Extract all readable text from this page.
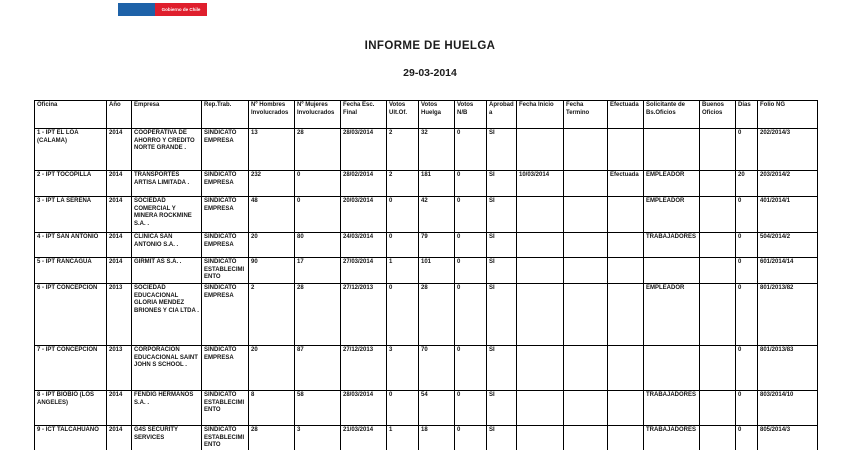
Gobierno de Chile
INFORME DE HUELGA
29-03-2014
Oficina	Año	Empresa	Rep.Trab.	Nº Hombres Involucrados	Nº Mujeres Involucrados	Fecha Esc. Final	Votos Ult.Of.	Votos Huelga	Votos N/B	Aprobada	Fecha Inicio	Fecha Termino	Efectuada	Solicitante de Bs.Oficios	Buenos Oficios	Días	Folio NG
1 - IPT EL LOA (CALAMA)	2014	COOPERATIVA DE AHORRO Y CREDITO NORTE GRANDE .	SINDICATO EMPRESA	13	28	28/03/2014	2	32	0	SI						0	202/2014/3
2 - IPT TOCOPILLA	2014	TRANSPORTES ARTISA LIMITADA .	SINDICATO EMPRESA	232	0	28/02/2014	2	181	0	SI	10/03/2014		Efectuada	EMPLEADOR		20	203/2014/2
3 - IPT LA SERENA	2014	SOCIEDAD COMERCIAL Y MINERA ROCKMINE S.A. .	SINDICATO EMPRESA	48	0	20/03/2014	0	42	0	SI				EMPLEADOR		0	401/2014/1
4 - IPT SAN ANTONIO	2014	CLINICA SAN ANTONIO S.A. .	SINDICATO EMPRESA	20	80	24/03/2014	0	79	0	SI				TRABAJADORES		0	504/2014/2
5 - IPT RANCAGUA	2014	GIRMIT AS S.A. .	SINDICATO ESTABLECIMIENTO	90	17	27/03/2014	1	101	0	SI						0	601/2014/14
6 - IPT CONCEPCION	2013	SOCIEDAD EDUCACIONAL GLORIA MENDEZ BRIONES Y CIA LTDA .	SINDICATO EMPRESA	2	28	27/12/2013	0	28	0	SI				EMPLEADOR		0	801/2013/82
7 - IPT CONCEPCION	2013	CORPORACION EDUCACIONAL SAINT JOHN S SCHOOL .	SINDICATO EMPRESA	20	87	27/12/2013	3	70	0	SI						0	801/2013/83
8 - IPT BIOBIO (LOS ANGELES)	2014	FENDIG HERMANOS S.A. .	SINDICATO ESTABLECIMIENTO	8	58	28/03/2014	0	54	0	SI				TRABAJADORES		0	803/2014/10
9 - ICT TALCAHUANO	2014	G4S SECURITY SERVICES	SINDICATO ESTABLECIMIENTO	28	3	21/03/2014	1	18	0	SI				TRABAJADORES		0	805/2014/3
